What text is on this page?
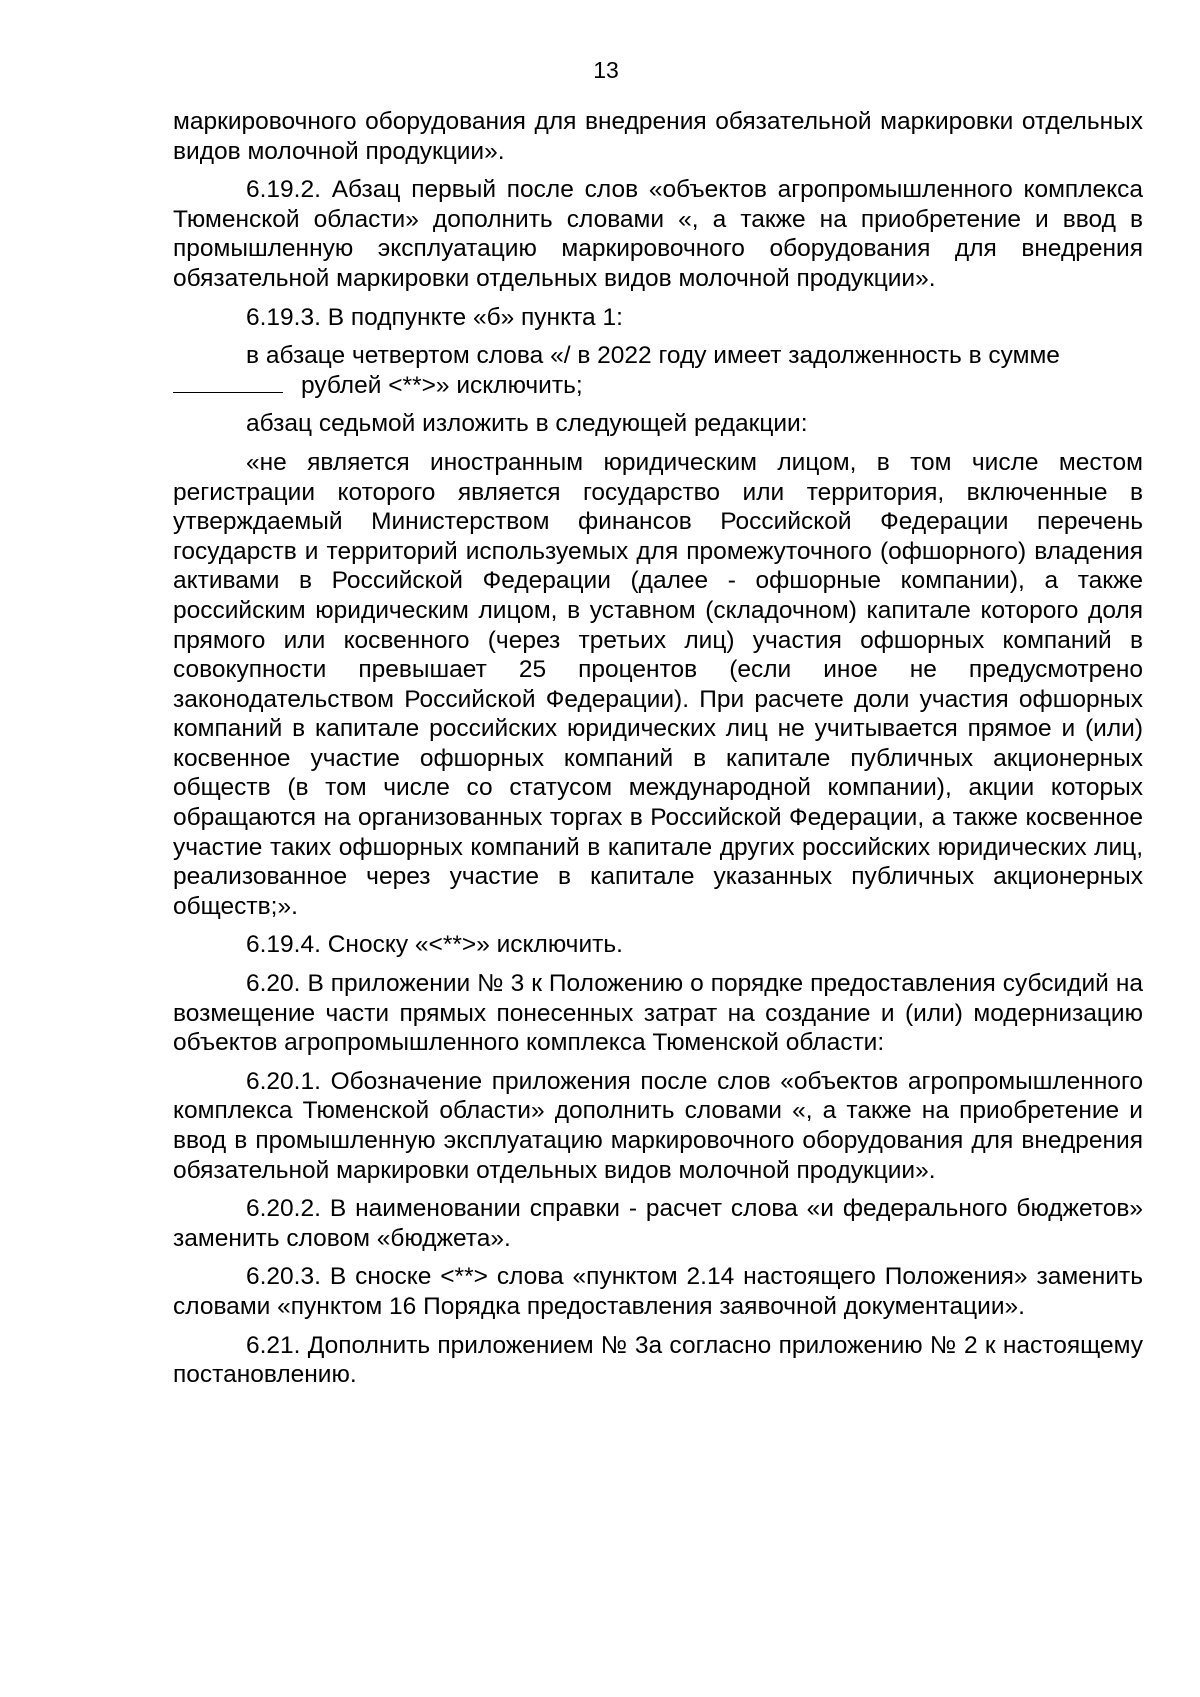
13

маркировочного оборудования для внедрения обязательной маркировки отдельных видов молочной продукции».

6.19.2. Абзац первый после слов «объектов агропромышленного комплекса Тюменской области» дополнить словами «, а также на приобретение и ввод в промышленную эксплуатацию маркировочного оборудования для внедрения обязательной маркировки отдельных видов молочной продукции».

6.19.3. В подпункте «б» пункта 1:

в абзаце четвертом слова «/ в 2022 году имеет задолженность в сумме
рублей <**>» исключить;

абзац седьмой изложить в следующей редакции:

«не является иностранным юридическим лицом, в том числе местом регистрации которого является государство или территория, включенные в утверждаемый Министерством финансов Российской Федерации перечень государств и территорий используемых для промежуточного (офшорного) владения активами в Российской Федерации (далее - офшорные компании), а также российским юридическим лицом, в уставном (складочном) капитале которого доля прямого или косвенного (через третьих лиц) участия офшорных компаний в совокупности превышает 25 процентов (если иное не предусмотрено законодательством Российской Федерации). При расчете доли участия офшорных компаний в капитале российских юридических лиц не учитывается прямое и (или) косвенное участие офшорных компаний в капитале публичных акционерных обществ (в том числе со статусом международной компании), акции которых обращаются на организованных торгах в Российской Федерации, а также косвенное участие таких офшорных компаний в капитале других российских юридических лиц, реализованное через участие в капитале указанных публичных акционерных обществ;».

6.19.4. Сноску «<**>» исключить.

6.20. В приложении № 3 к Положению о порядке предоставления субсидий на возмещение части прямых понесенных затрат на создание и (или) модернизацию объектов агропромышленного комплекса Тюменской области:

6.20.1. Обозначение приложения после слов «объектов агропромышленного комплекса Тюменской области» дополнить словами «, а также на приобретение и ввод в промышленную эксплуатацию маркировочного оборудования для внедрения обязательной маркировки отдельных видов молочной продукции».

6.20.2. В наименовании справки - расчет слова «и федерального бюджетов» заменить словом «бюджета».

6.20.3. В сноске <**> слова «пунктом 2.14 настоящего Положения» заменить словами «пунктом 16 Порядка предоставления заявочной документации».

6.21. Дополнить приложением № 3а согласно приложению № 2 к настоящему постановлению.
